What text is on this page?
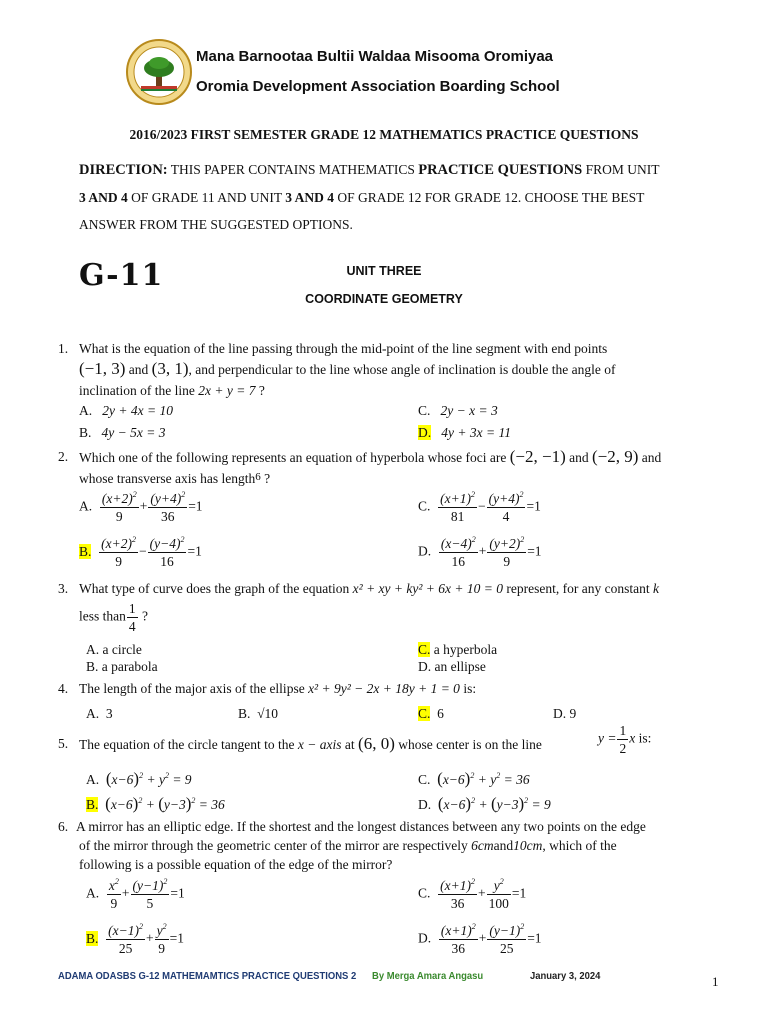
Mana Barnootaa Bultii Waldaa Misooma Oromiyaa
Oromia Development Association Boarding School
2016/2023 FIRST SEMESTER GRADE 12 MATHEMATICS PRACTICE QUESTIONS
DIRECTION: THIS PAPER CONTAINS MATHEMATICS PRACTICE QUESTIONS FROM UNIT
3 AND 4 OF GRADE 11 AND UNIT 3 AND 4 OF GRADE 12 FOR GRADE 12. CHOOSE THE BEST
ANSWER FROM THE SUGGESTED OPTIONS.
G-11	UNIT THREE
COORDINATE GEOMETRY
1. What is the equation of the line passing through the mid-point of the line segment with end points
(−1, 3) and (3, 1), and perpendicular to the line whose angle of inclination is double the angle of
inclination of the line 2x + y = 7 ?
A. 2y + 4x = 10
B. 4y − 5x = 3
C. 2y − x = 3
D. 4y + 3x = 11
2. Which one of the following represents an equation of hyperbola whose foci are (−2, −1) and (−2, 9) and
whose transverse axis has length$^6$ ?
A. $\frac{(x+2)^2}{9} + \frac{(y+4)^2}{36} =1$
B. $\frac{(x+2)^2}{9} - \frac{(y-4)^2}{16} =1$
C. $\frac{(x+1)^2}{81} - \frac{(y+4)^2}{4} =1$
D. $\frac{(x-4)^2}{16} + \frac{(y+2)^2}{9} =1$
3. What type of curve does the graph of the equation x² + xy + ky² + 6x + 10 = 0 represent, for any constant k
less than $\frac{1}{4}$ ?
A. a circle
B. a parabola
C. a hyperbola
D. an ellipse
4. The length of the major axis of the ellipse x² + 9y² − 2x + 18y + 1 = 0 is:
A. 3	B. √10	C. 6	D. 9
5. The equation of the circle tangent to the x − axis at (6, 0) whose center is on the line	$y = \frac{1}{2}$ x is:
A. $(x-6)^2 + y^2 = 9$
B. $(x-6)^2 + (y-3)^2 = 36$
C. $(x-6)^2 + y^2 = 36$
D. $(x-6)^2 + (y-3)^2 = 9$
6. A mirror has an elliptic edge. If the shortest and the longest distances between any two points on the edge
of the mirror through the geometric center of the mirror are respectively 6cmand10cm, which of the
following is a possible equation of the edge of the mirror?
A. $\frac{x^2}{9} + \frac{(y-1)^2}{5} =1$
B. $\frac{(x-1)^2}{25} + \frac{y^2}{9} =1$
C. $\frac{(x+1)^2}{36} + \frac{y^2}{100} =1$
D. $\frac{(x+1)^2}{36} + \frac{(y-1)^2}{25} =1$
ADAMA ODASBS G-12 MATHEMAMTICS PRACTICE QUESTIONS 2 By Merga Amara Angasu	January 3, 2024	1
